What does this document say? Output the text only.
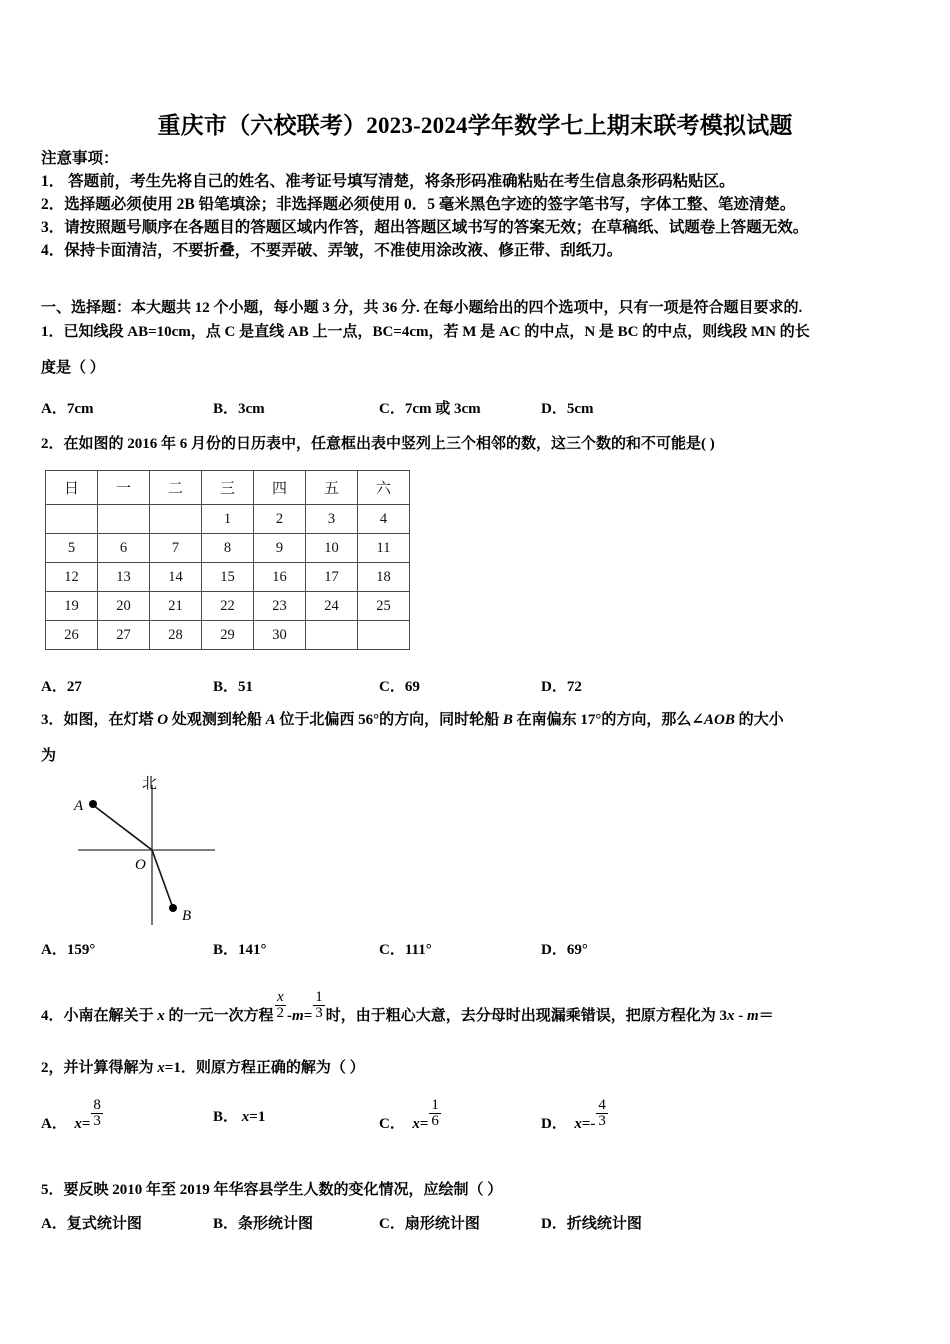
重庆市（六校联考）2023-2024学年数学七上期末联考模拟试题
注意事项：
1． 答题前，考生先将自己的姓名、准考证号填写清楚，将条形码准确粘贴在考生信息条形码粘贴区。
2．选择题必须使用 2B 铅笔填涂；非选择题必须使用 0．5 毫米黑色字迹的签字笔书写，字体工整、笔迹清楚。
3．请按照题号顺序在各题目的答题区域内作答，超出答题区域书写的答案无效；在草稿纸、试题卷上答题无效。
4．保持卡面清洁，不要折叠，不要弄破、弄皱，不准使用涂改液、修正带、刮纸刀。
一、选择题：本大题共 12 个小题，每小题 3 分，共 36 分. 在每小题给出的四个选项中，只有一项是符合题目要求的.
1．已知线段 AB=10cm，点 C 是直线 AB 上一点，BC=4cm，若 M 是 AC 的中点，N 是 BC 的中点，则线段 MN 的长
度是（ ）
A．7cm	B．3cm	C．7cm 或 3cm	D．5cm
2．在如图的 2016 年 6 月份的日历表中，任意框出表中竖列上三个相邻的数，这三个数的和不可能是( )
日	一	二	三	四	五	六
			1	2	3	4
5	6	7	8	9	10	11
12	13	14	15	16	17	18
19	20	21	22	23	24	25
26	27	28	29	30		
A．27	B．51	C．69	D．72
3．如图，在灯塔 O 处观测到轮船 A 位于北偏西 56°的方向，同时轮船 B 在南偏东 17°的方向，那么∠AOB 的大小
为
A
B
O
北
A．159°	B．141°	C．111°	D．69°
4．小南在解关于 x 的一元一次方程 $\frac{x}{2} -m= \frac{1}{3}$ 时，由于粗心大意，去分母时出现漏乘错误，把原方程化为 3x - m＝
2，并计算得解为 x=1．则原方程正确的解为（ ）
A． $x= \frac{8}{3}$	B． x=1	C． $x= \frac{1}{6}$	D． $x=- \frac{4}{3}$
5．要反映 2010 年至 2019 年华容县学生人数的变化情况，应绘制（ ）
A．复式统计图	B．条形统计图	C．扇形统计图	D．折线统计图
